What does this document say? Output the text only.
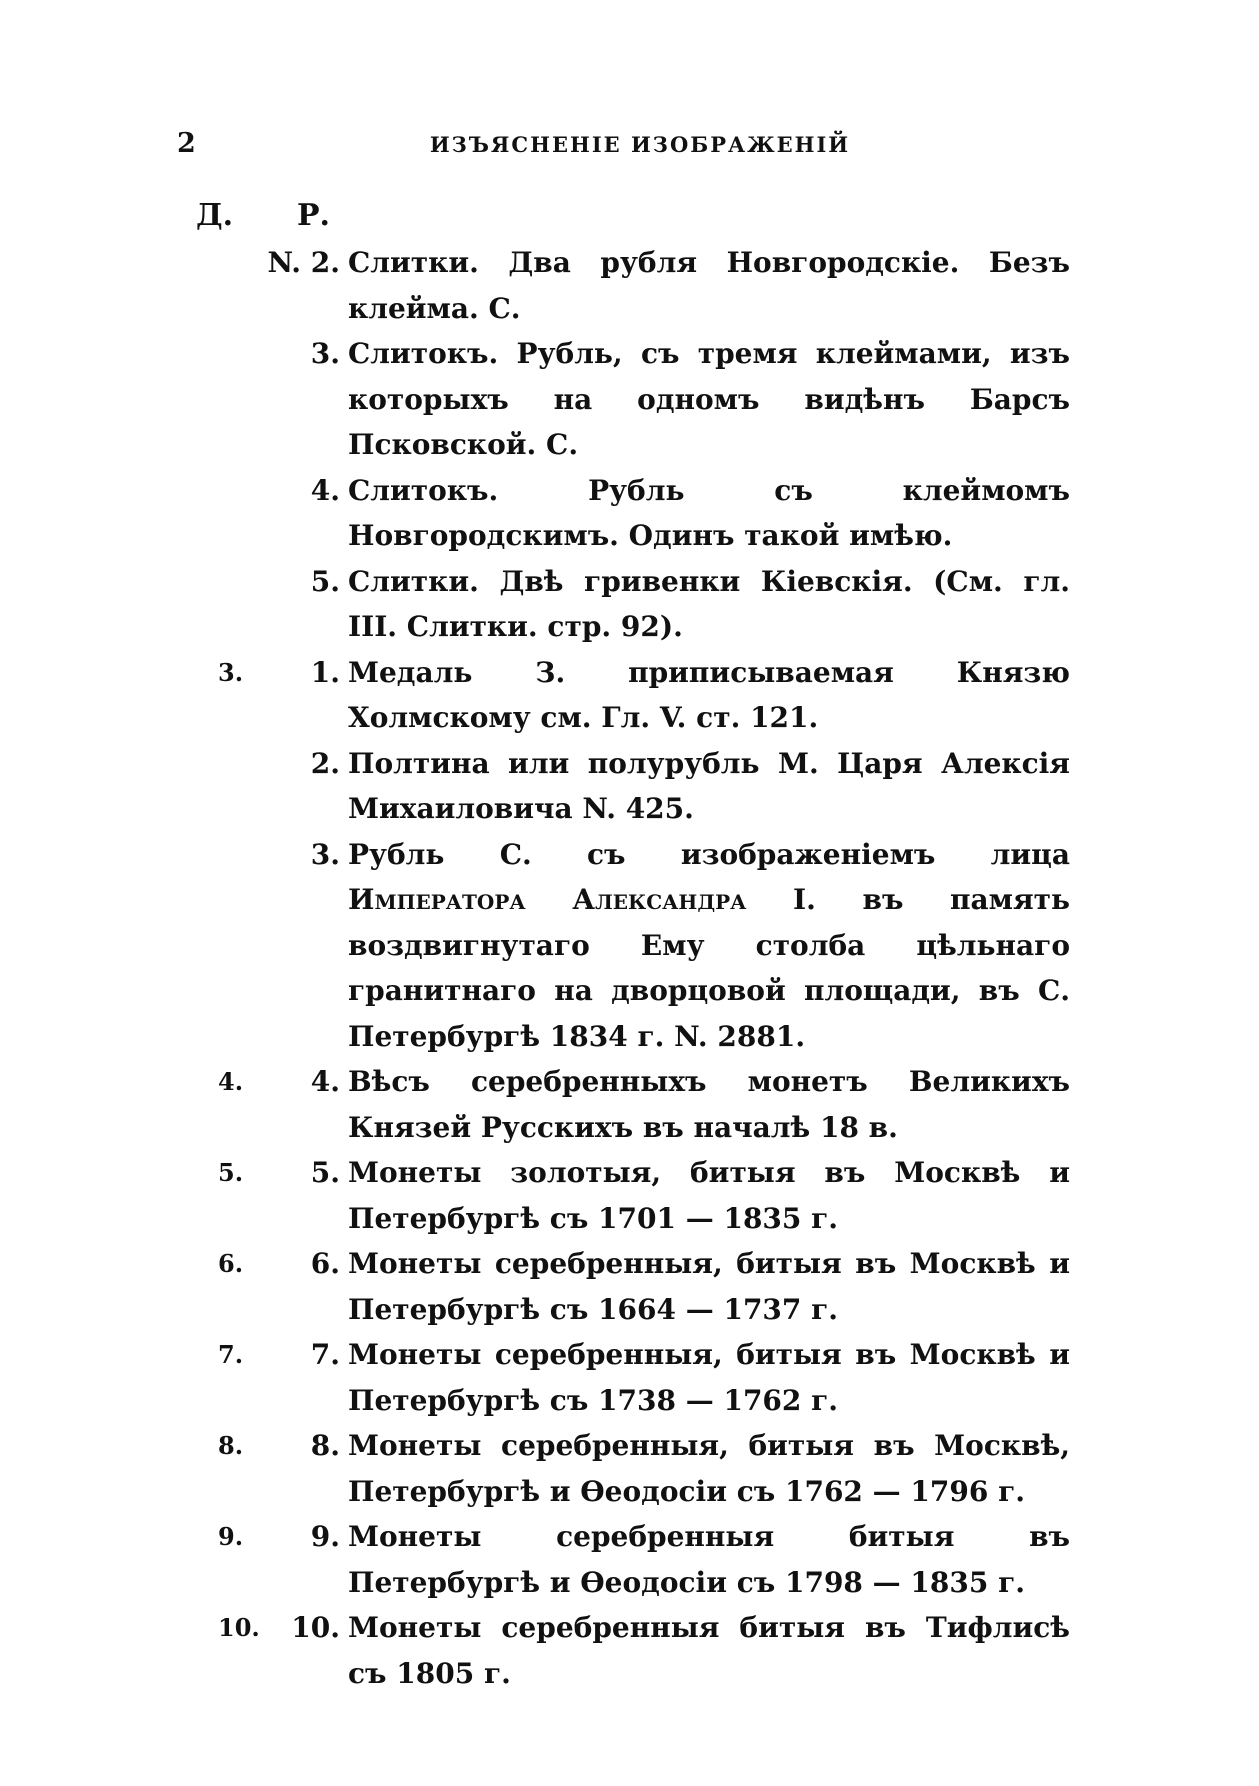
2	ИЗЪЯСНЕНІЕ ИЗОБРАЖЕНІЙ
Д. Р.
N. 2. Слитки. Два рубля Новгородскіе. Безъ клейма. С.
3. Слитокъ. Рубль, съ тремя клеймами, изъ которыхъ на одномъ видѣнъ Барсъ Псковской. С.
4. Слитокъ. Рубль съ клеймомъ Новгородскимъ. Одинъ такой имѣю.
5. Слитки. Двѣ гривенки Кіевскія. (См. гл. III. Слитки. стр. 92).
3.	1. Медаль З. приписываемая Князю Холмскому см. Гл. V. ст. 121.
2. Полтина или полурубль М. Царя Алексія Михаиловича N. 425.
3. Рубль С. съ изображеніемъ лица Императора Александра I. въ память воздвигнутаго Ему столба цѣльнаго гранитнаго на дворцовой площади, въ С. Петербургѣ 1834 г. N. 2881.
4.	4. Вѣсъ серебренныхъ монетъ Великихъ Князей Русскихъ въ началѣ 18 в.
5.	5. Монеты золотыя, битыя въ Москвѣ и Петербургѣ съ 1701 — 1835 г.
6.	6. Монеты серебренныя, битыя въ Москвѣ и Петербургѣ съ 1664 — 1737 г.
7.	7. Монеты серебренныя, битыя въ Москвѣ и Петербургѣ съ 1738 — 1762 г.
8.	8. Монеты серебренныя, битыя въ Москвѣ, Петербургѣ и Ѳеодосіи съ 1762 — 1796 г.
9.	9. Монеты серебренныя битыя въ Петербургѣ и Ѳеодосіи съ 1798 — 1835 г.
10.	10. Монеты серебренныя битыя въ Тифлисѣ съ 1805 г.
